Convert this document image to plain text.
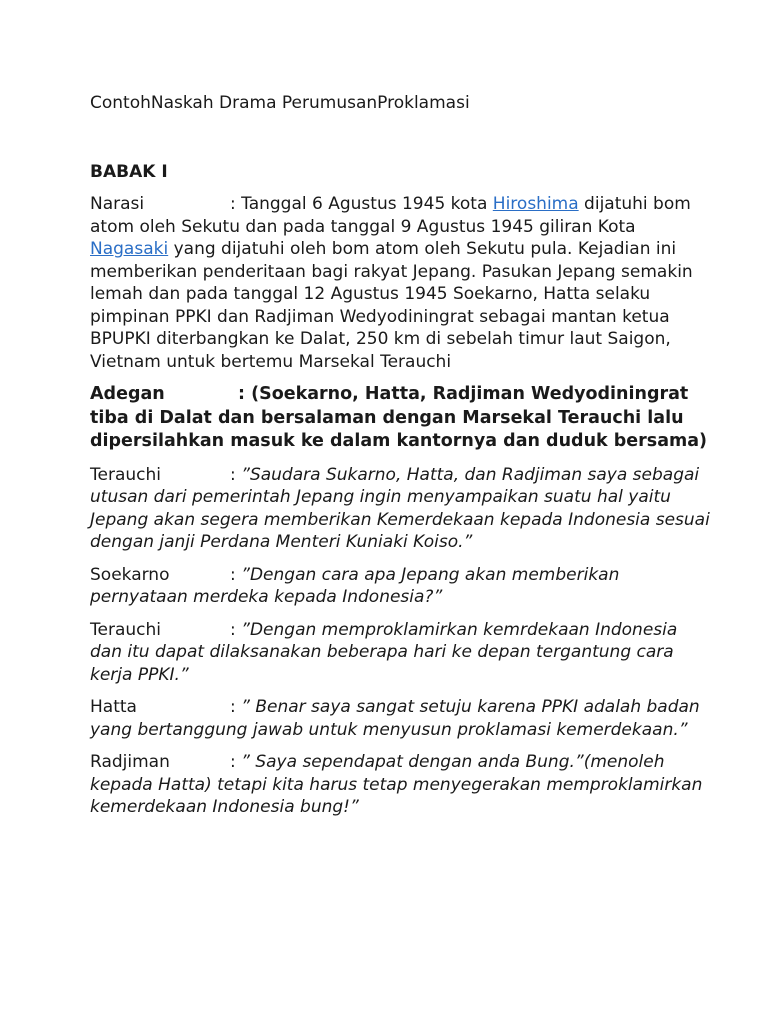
ContohNaskah Drama PerumusanProklamasi
BABAK I
Narasi	: Tanggal 6 Agustus 1945 kota Hiroshima dijatuhi bom atom oleh Sekutu dan pada tanggal 9 Agustus 1945 giliran Kota Nagasaki yang dijatuhi oleh bom atom oleh Sekutu pula. Kejadian ini memberikan penderitaan bagi rakyat Jepang. Pasukan Jepang semakin lemah dan pada tanggal 12 Agustus 1945 Soekarno, Hatta selaku pimpinan PPKI dan Radjiman Wedyodiningrat sebagai mantan ketua BPUPKI diterbangkan ke Dalat, 250 km di sebelah timur laut Saigon, Vietnam untuk bertemu Marsekal Terauchi
Adegan	: (Soekarno, Hatta, Radjiman Wedyodiningrat tiba di Dalat dan bersalaman dengan Marsekal Terauchi lalu dipersilahkan masuk ke dalam kantornya dan duduk bersama)
Terauchi	: ”Saudara Sukarno, Hatta, dan Radjiman saya sebagai utusan dari pemerintah Jepang ingin menyampaikan suatu hal yaitu Jepang akan segera memberikan Kemerdekaan kepada Indonesia sesuai dengan janji Perdana Menteri Kuniaki Koiso.”
Soekarno	: ”Dengan cara apa Jepang akan memberikan pernyataan merdeka kepada Indonesia?”
Terauchi	: ”Dengan memproklamirkan kemrdekaan Indonesia dan itu dapat dilaksanakan beberapa hari ke depan tergantung cara kerja PPKI.”
Hatta	: ” Benar saya sangat setuju karena PPKI adalah badan yang bertanggung jawab untuk menyusun proklamasi kemerdekaan.”
Radjiman	: ” Saya sependapat dengan anda Bung.”(menoleh kepada Hatta) tetapi kita harus tetap menyegerakan memproklamirkan kemerdekaan Indonesia bung!”
